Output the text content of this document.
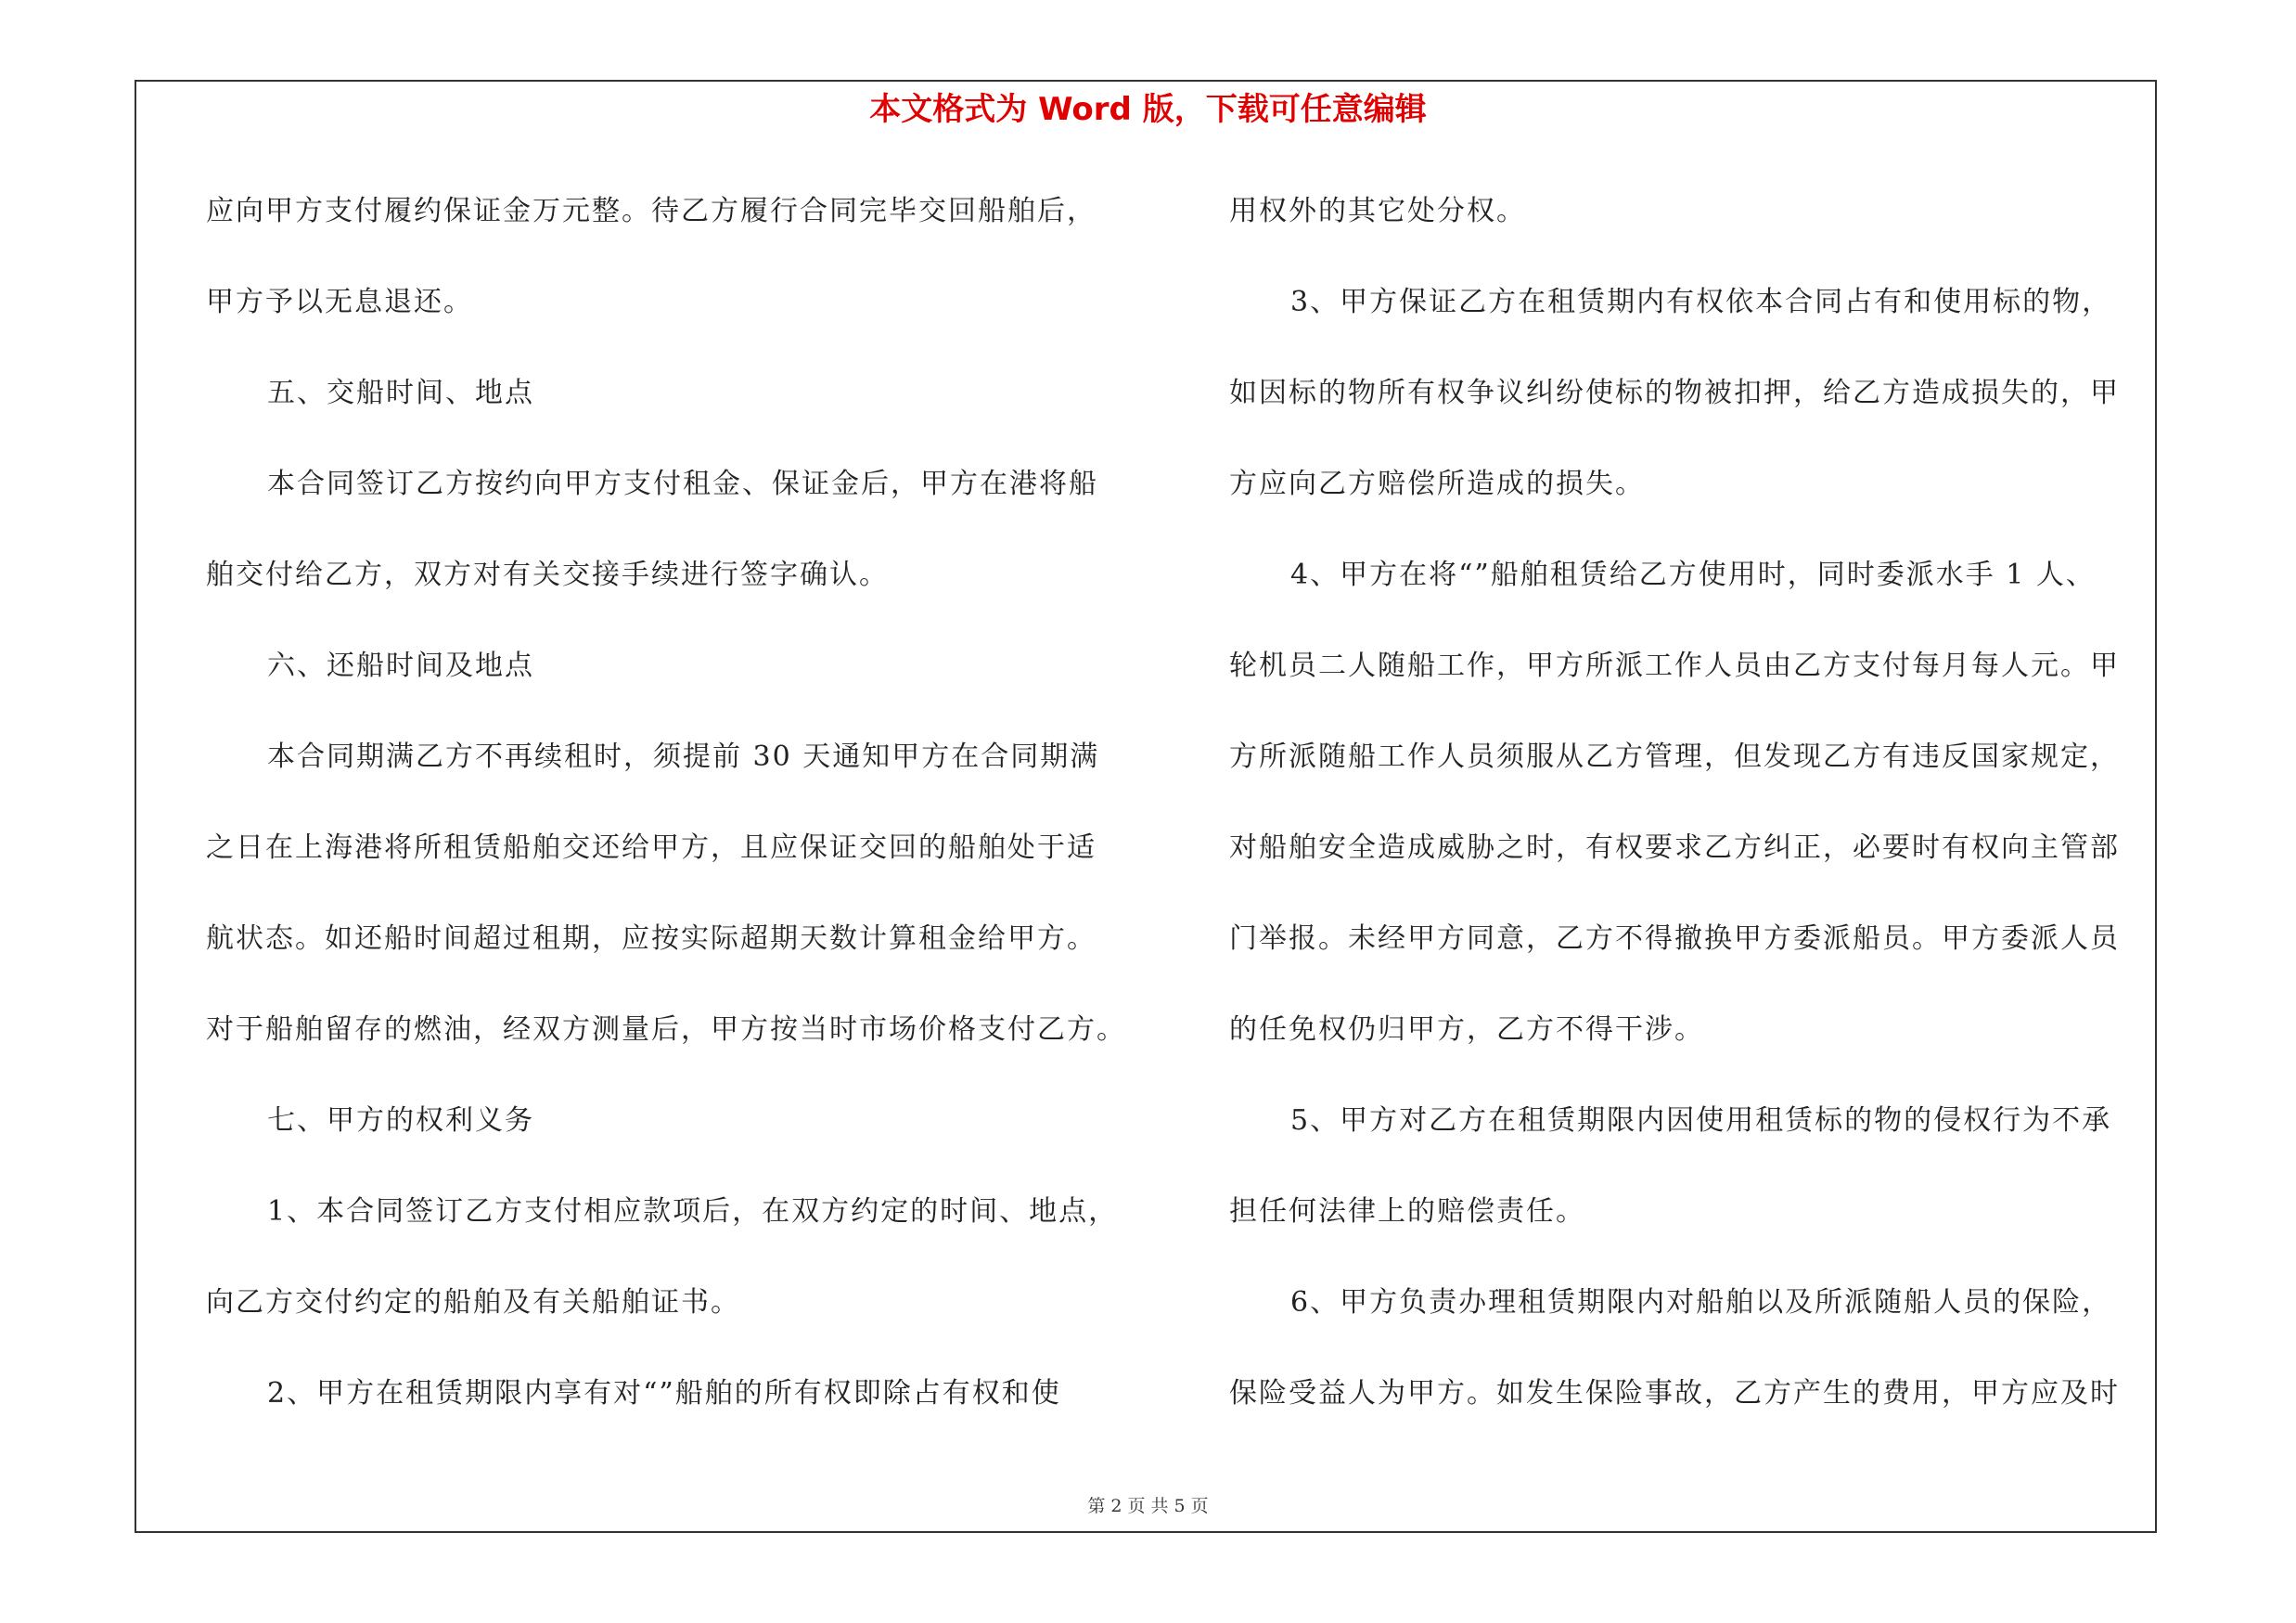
本文格式为 Word 版，下载可任意编辑
应向甲方支付履约保证金万元整。待乙方履行合同完毕交回船舶后，
甲方予以无息退还。
五、交船时间、地点
本合同签订乙方按约向甲方支付租金、保证金后，甲方在港将船
舶交付给乙方，双方对有关交接手续进行签字确认。
六、还船时间及地点
本合同期满乙方不再续租时，须提前 30 天通知甲方在合同期满
之日在上海港将所租赁船舶交还给甲方，且应保证交回的船舶处于适
航状态。如还船时间超过租期，应按实际超期天数计算租金给甲方。
对于船舶留存的燃油，经双方测量后，甲方按当时市场价格支付乙方。
七、甲方的权利义务
1、本合同签订乙方支付相应款项后，在双方约定的时间、地点，
向乙方交付约定的船舶及有关船舶证书。
2、甲方在租赁期限内享有对“”船舶的所有权即除占有权和使
用权外的其它处分权。
3、甲方保证乙方在租赁期内有权依本合同占有和使用标的物，
如因标的物所有权争议纠纷使标的物被扣押，给乙方造成损失的，甲
方应向乙方赔偿所造成的损失。
4、甲方在将“”船舶租赁给乙方使用时，同时委派水手 1 人、
轮机员二人随船工作，甲方所派工作人员由乙方支付每月每人元。甲
方所派随船工作人员须服从乙方管理，但发现乙方有违反国家规定，
对船舶安全造成威胁之时，有权要求乙方纠正，必要时有权向主管部
门举报。未经甲方同意，乙方不得撤换甲方委派船员。甲方委派人员
的任免权仍归甲方，乙方不得干涉。
5、甲方对乙方在租赁期限内因使用租赁标的物的侵权行为不承
担任何法律上的赔偿责任。
6、甲方负责办理租赁期限内对船舶以及所派随船人员的保险，
保险受益人为甲方。如发生保险事故，乙方产生的费用，甲方应及时
第 2 页 共 5 页
